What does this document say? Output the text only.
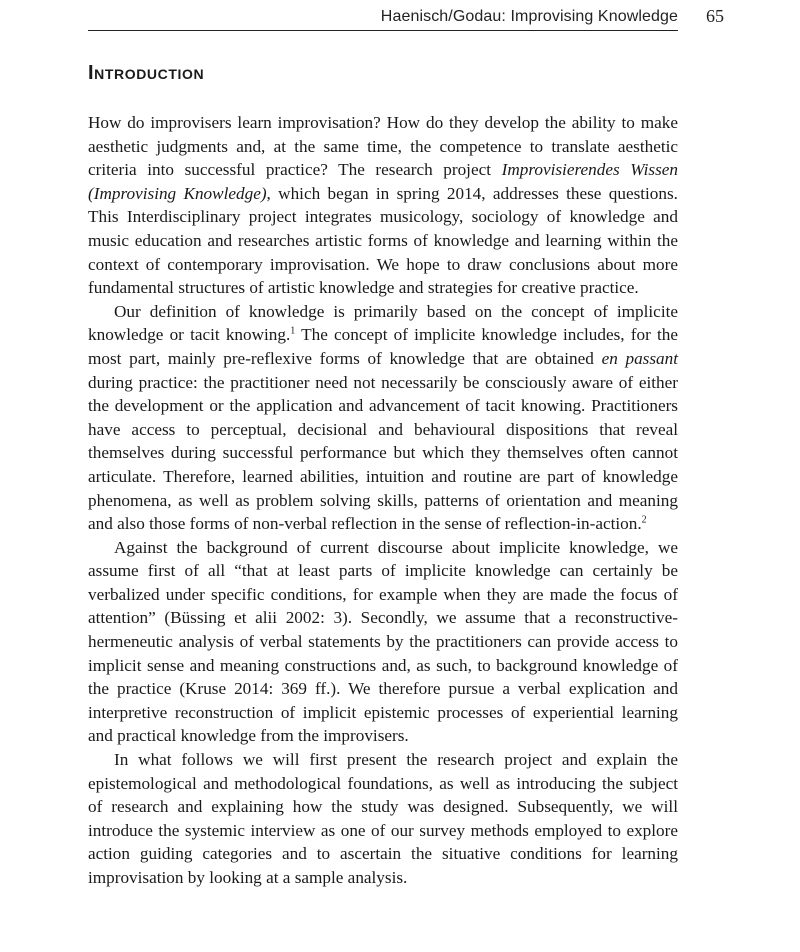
Haenisch/Godau: Improvising Knowledge 65
Introduction

How do improvisers learn improvisation? How do they develop the ability to make aesthetic judgments and, at the same time, the competence to translate aesthetic criteria into successful practice? The research project Improvisierendes Wissen (Improvising Knowledge), which began in spring 2014, addresses these questions. This Interdisciplinary project integrates musicology, sociology of knowledge and music education and researches artistic forms of knowledge and learning within the context of contemporary improvisation. We hope to draw conclusions about more fundamental structures of artistic knowledge and strategies for creative practice.

Our definition of knowledge is primarily based on the concept of implicite knowledge or tacit knowing.$^1$ The concept of implicite knowledge includes, for the most part, mainly pre-reflexive forms of knowledge that are obtained en passant during practice: the practitioner need not necessarily be consciously aware of either the development or the application and advancement of tacit knowing. Practitioners have access to perceptual, decisional and behavioural dispositions that reveal themselves during successful performance but which they themselves often cannot articulate. Therefore, learned abilities, intuition and routine are part of knowledge phenomena, as well as problem solving skills, patterns of orientation and meaning and also those forms of non-verbal reflection in the sense of reflection-in-action.$^2$

Against the background of current discourse about implicite knowledge, we assume first of all “that at least parts of implicite knowledge can certainly be verbalized under specific conditions, for example when they are made the focus of attention” (Büssing et alii 2002: 3). Secondly, we assume that a reconstructive-hermeneutic analysis of verbal statements by the practitioners can provide access to implicit sense and meaning constructions and, as such, to background knowledge of the practice (Kruse 2014: 369 ff.). We therefore pursue a verbal explication and interpretive reconstruction of implicit epistemic processes of experiential learning and practical knowledge from the improvisers.

In what follows we will first present the research project and explain the epistemological and methodological foundations, as well as introducing the subject of research and explaining how the study was designed. Subsequently, we will introduce the systemic interview as one of our survey methods employed to explore action guiding categories and to ascertain the situative conditions for learning improvisation by looking at a sample analysis.
